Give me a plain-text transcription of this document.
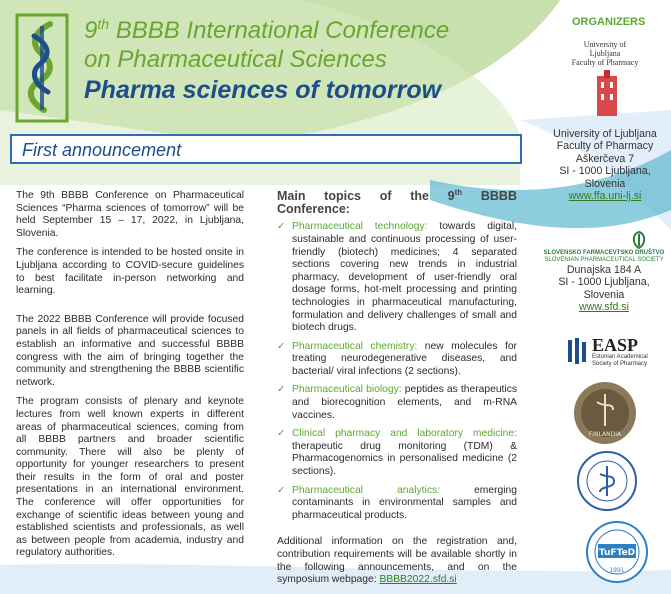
9th BBBB International Conference
on Pharmaceutical Sciences
Pharma sciences of tomorrow
First announcement

The 9th BBBB Conference on Pharmaceutical Sciences “Pharma sciences of tomorrow” will be held September 15 – 17, 2022, in Ljubljana, Slovenia.

The conference is intended to be hosted onsite in Ljubljana according to COVID-secure guidelines to best facilitate in-person networking and learning.

The 2022 BBBB Conference will provide focused panels in all fields of pharmaceutical sciences to establish an informative and successful BBBB congress with the aim of bringing together the community and strengthening the BBBB scientific network.

The program consists of plenary and keynote lectures from well known experts in different areas of pharmaceutical sciences, coming from all BBBB partners and broader scientific community. There will also be plenty of opportunity for younger researchers to present their results in the form of oral and poster presentations in an international environment. The conference will offer opportunities for exchange of scientific ideas between young and established scientists and professionals, as well as between people from academia, industry and regulatory authorities.

Main topics of the 9th BBBB Conference:
✓ Pharmaceutical technology: towards digital, sustainable and continuous processing of user-friendly (biotech) medicines; 4 separated sections covering new trends in industrial pharmacy, development of user-friendly oral dosage forms, hot-melt processing and printing technologies in pharmaceutical manufacturing, formulation and delivery challenges of small and biotech drugs.
✓ Pharmaceutical chemistry: new molecules for treating neurodegenerative diseases, and bacterial/ viral infections (2 sections).
✓ Pharmaceutical biology: peptides as therapeutics and biorecognition elements, and m-RNA vaccines.
✓ Clinical pharmacy and laboratory medicine: therapeutic drug monitoring (TDM) & Pharmacogenomics in personalised medicine (2 sections).
✓ Pharmaceutical analytics: emerging contaminants in environmental samples and pharmaceutical products.
Additional information on the registration and, contribution requirements will be available shortly in the following announcements, and on the symposium webpage: BBBB2022.sfd.si
ORGANIZERS
University of Ljubljana
Faculty of Pharmacy
University of Ljubljana
Faculty of Pharmacy
Aškerčeva 7
SI - 1000 Ljubljana,
Slovenia
www.ffa.uni-lj.si
SLOVENSKO FARMACEVTSKO DRUŠTVO
SLOVENIAN PHARMACEUTICAL SOCIETY
Dunajska 184 A
SI - 1000 Ljubljana,
Slovenia
www.sfd.si
EASP
Estonian Academical
Society of Pharmacy
FINLANDIA
TuFTeD
1991
